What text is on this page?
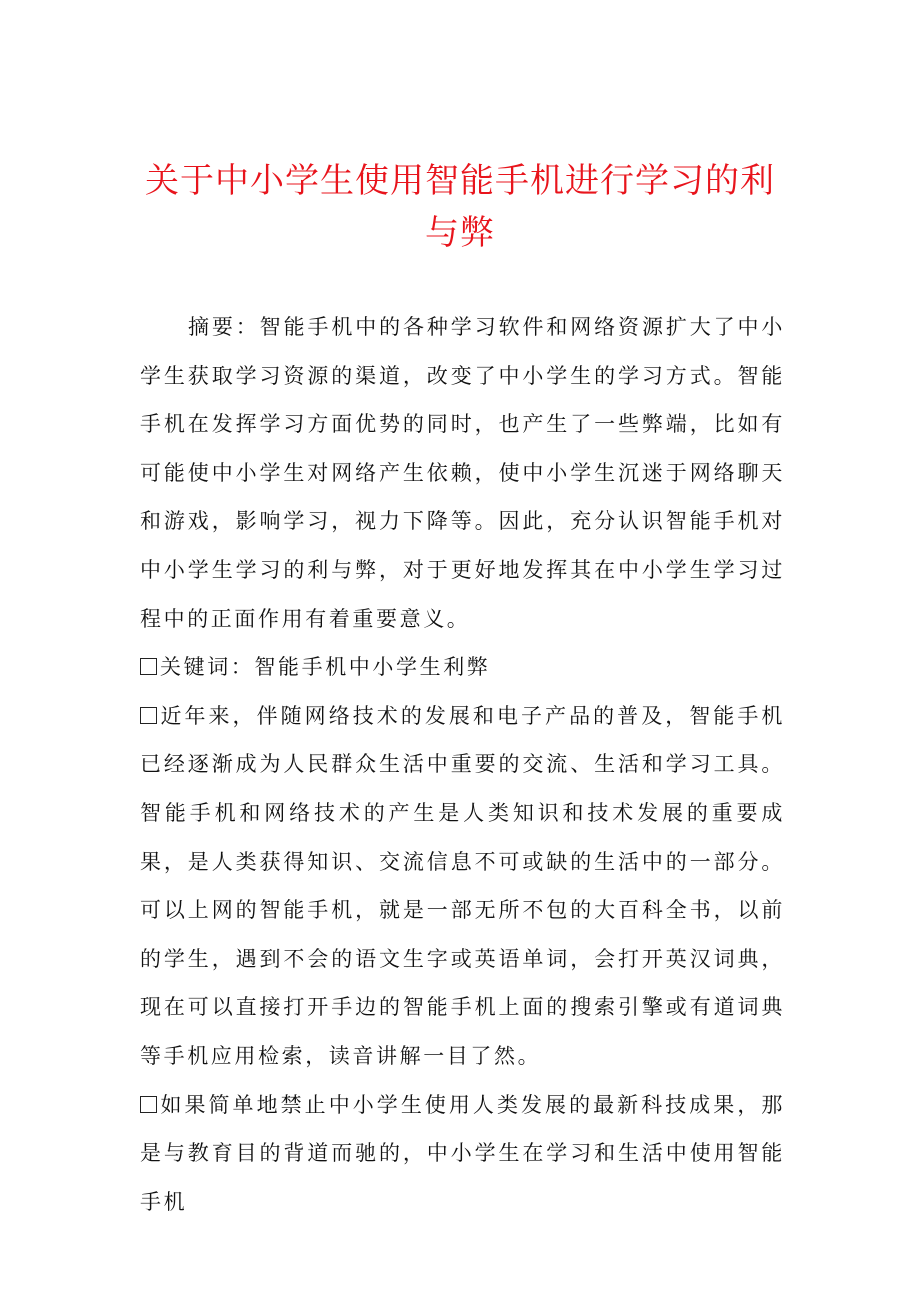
关于中小学生使用智能手机进行学习的利
与弊

摘要：智能手机中的各种学习软件和网络资源扩大了中小学生获取学习资源的渠道，改变了中小学生的学习方式。智能手机在发挥学习方面优势的同时，也产生了一些弊端，比如有可能使中小学生对网络产生依赖，使中小学生沉迷于网络聊天和游戏，影响学习，视力下降等。因此，充分认识智能手机对中小学生学习的利与弊，对于更好地发挥其在中小学生学习过程中的正面作用有着重要意义。

关键词：智能手机中小学生利弊

近年来，伴随网络技术的发展和电子产品的普及，智能手机已经逐渐成为人民群众生活中重要的交流、生活和学习工具。智能手机和网络技术的产生是人类知识和技术发展的重要成果，是人类获得知识、交流信息不可或缺的生活中的一部分。可以上网的智能手机，就是一部无所不包的大百科全书，以前的学生，遇到不会的语文生字或英语单词，会打开英汉词典，现在可以直接打开手边的智能手机上面的搜索引擎或有道词典等手机应用检索，读音讲解一目了然。

如果简单地禁止中小学生使用人类发展的最新科技成果，那是与教育目的背道而驰的，中小学生在学习和生活中使用智能手机
